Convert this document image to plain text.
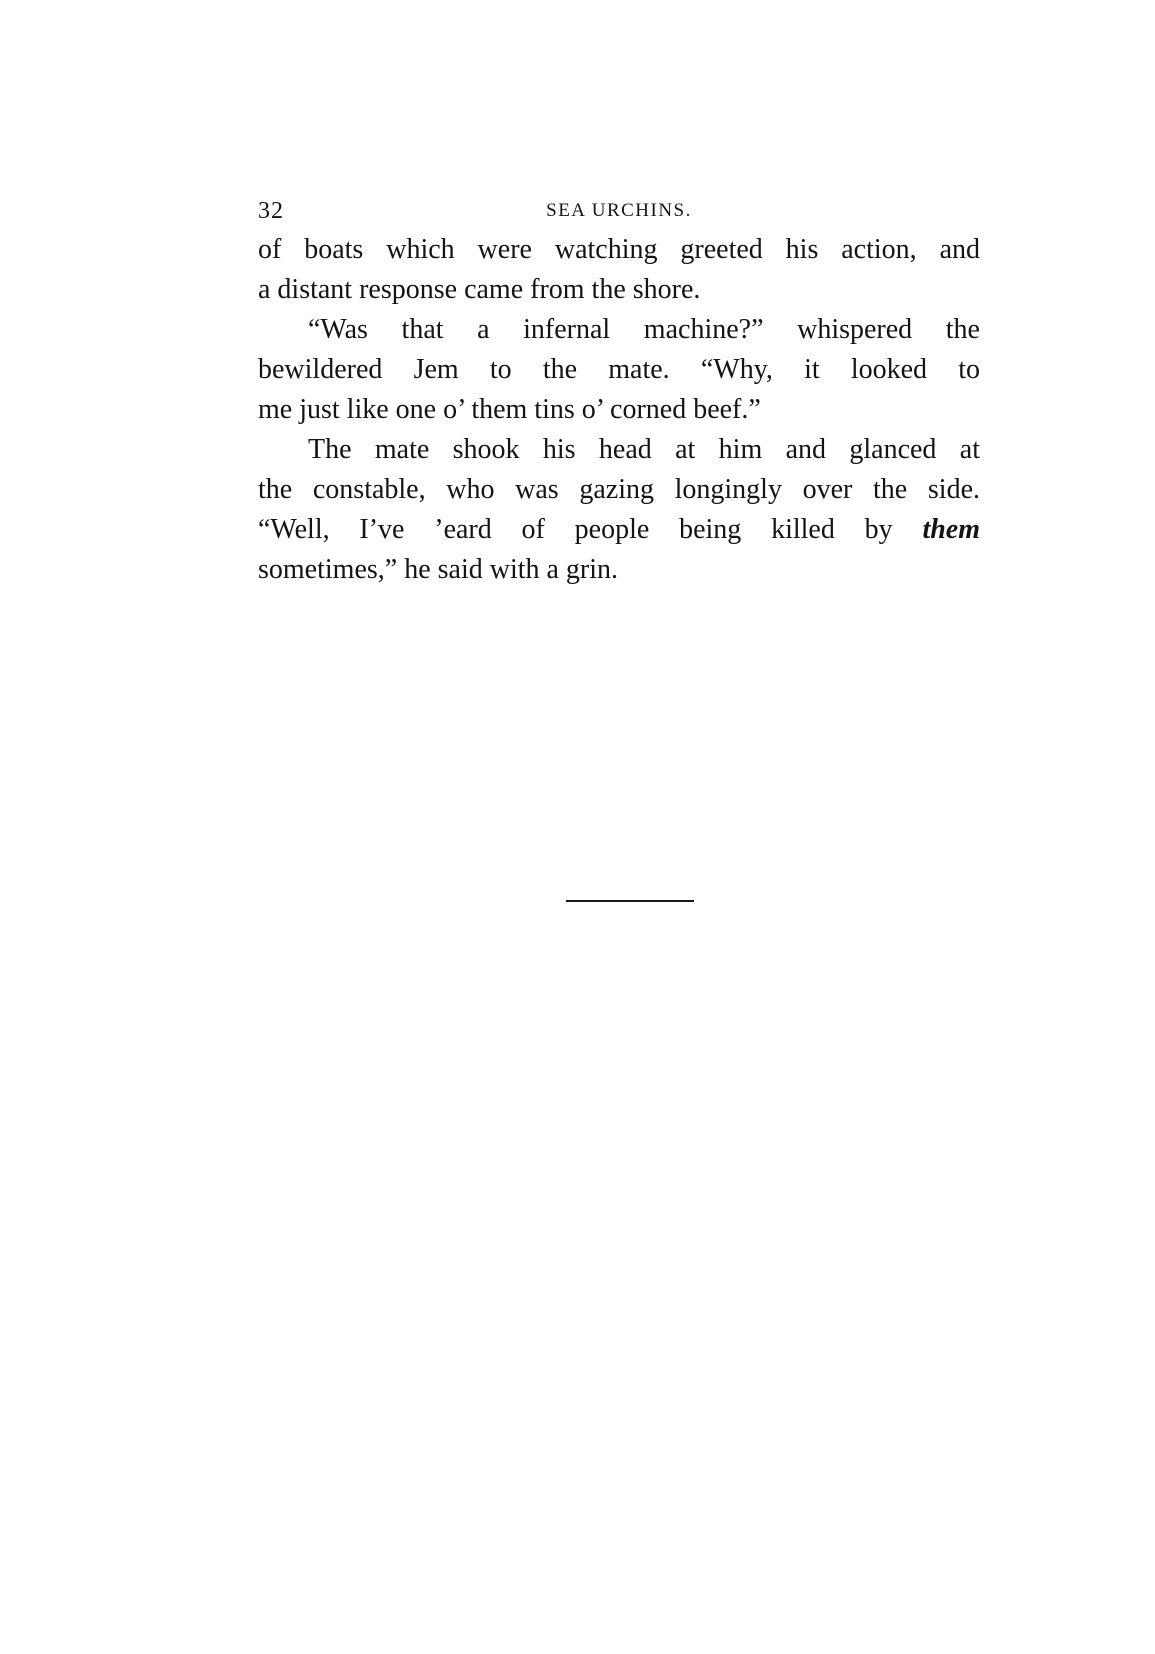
32	SEA URCHINS.
of boats which were watching greeted his action, and
a distant response came from the shore.
“Was that a infernal machine?” whispered the
bewildered Jem to the mate. “Why, it looked to
me just like one o’ them tins o’ corned beef.”
The mate shook his head at him and glanced at
the constable, who was gazing longingly over the side.
“Well, I’ve ’eard of people being killed by them
sometimes,” he said with a grin.
